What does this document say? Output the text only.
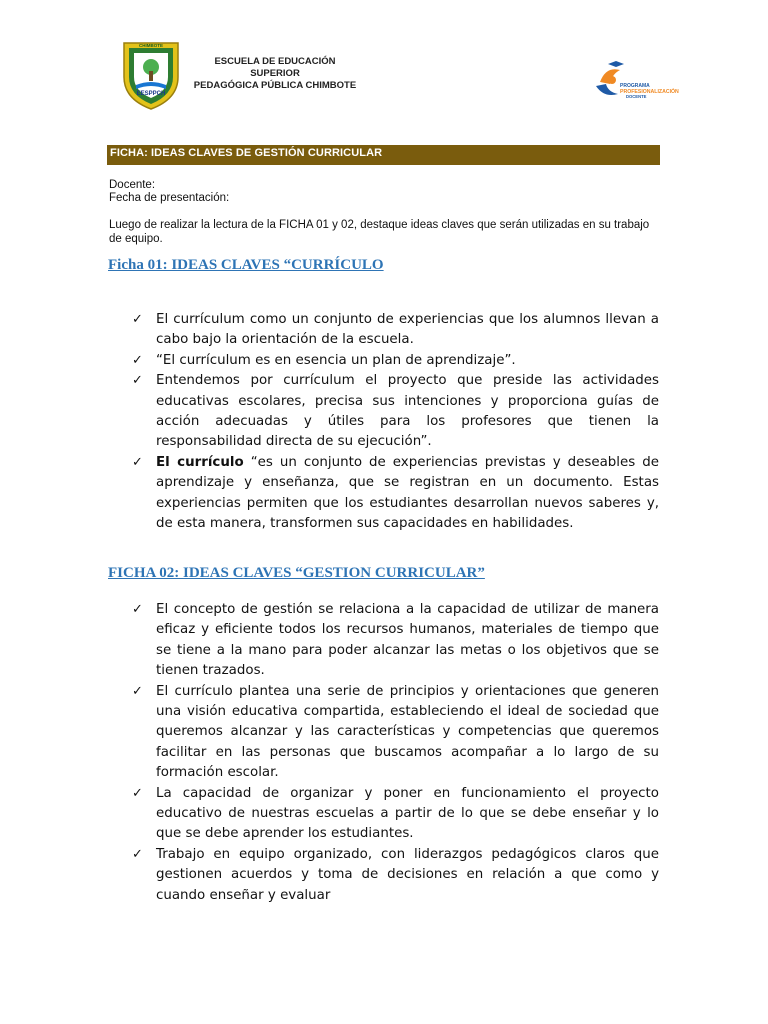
CHIMBOTE
EESPPCH
ESCUELA DE EDUCACIÓN SUPERIOR
PEDAGÓGICA PÚBLICA CHIMBOTE	PROGRAMA
PROFESIONALIZACIÓN
DOCENTE
FICHA: IDEAS CLAVES DE GESTIÓN CURRICULAR
Docente:
Fecha de presentación:
Luego de realizar la lectura de la FICHA 01 y 02, destaque ideas claves que serán utilizadas en su trabajo de equipo.
Ficha 01: IDEAS CLAVES “CURRÍCULO
✓ El currículum como un conjunto de experiencias que los alumnos llevan a cabo bajo la orientación de la escuela.
✓ “El currículum es en esencia un plan de aprendizaje”.
✓ Entendemos por currículum el proyecto que preside las actividades educativas escolares, precisa sus intenciones y proporciona guías de acción adecuadas y útiles para los profesores que tienen la responsabilidad directa de su ejecución”.
✓ El currículo “es un conjunto de experiencias previstas y deseables de aprendizaje y enseñanza, que se registran en un documento. Estas experiencias permiten que los estudiantes desarrollan nuevos saberes y, de esta manera, transformen sus capacidades en habilidades.
FICHA 02: IDEAS CLAVES “GESTION CURRICULAR”
✓ El concepto de gestión se relaciona a la capacidad de utilizar de manera eficaz y eficiente todos los recursos humanos, materiales de tiempo que se tiene a la mano para poder alcanzar las metas o los objetivos que se tienen trazados.
✓ El currículo plantea una serie de principios y orientaciones que generen una visión educativa compartida, estableciendo el ideal de sociedad que queremos alcanzar y las características y competencias que queremos facilitar en las personas que buscamos acompañar a lo largo de su formación escolar.
✓ La capacidad de organizar y poner en funcionamiento el proyecto educativo de nuestras escuelas a partir de lo que se debe enseñar y lo que se debe aprender los estudiantes.
✓ Trabajo en equipo organizado, con liderazgos pedagógicos claros que gestionen acuerdos y toma de decisiones en relación a que como y cuando enseñar y evaluar
